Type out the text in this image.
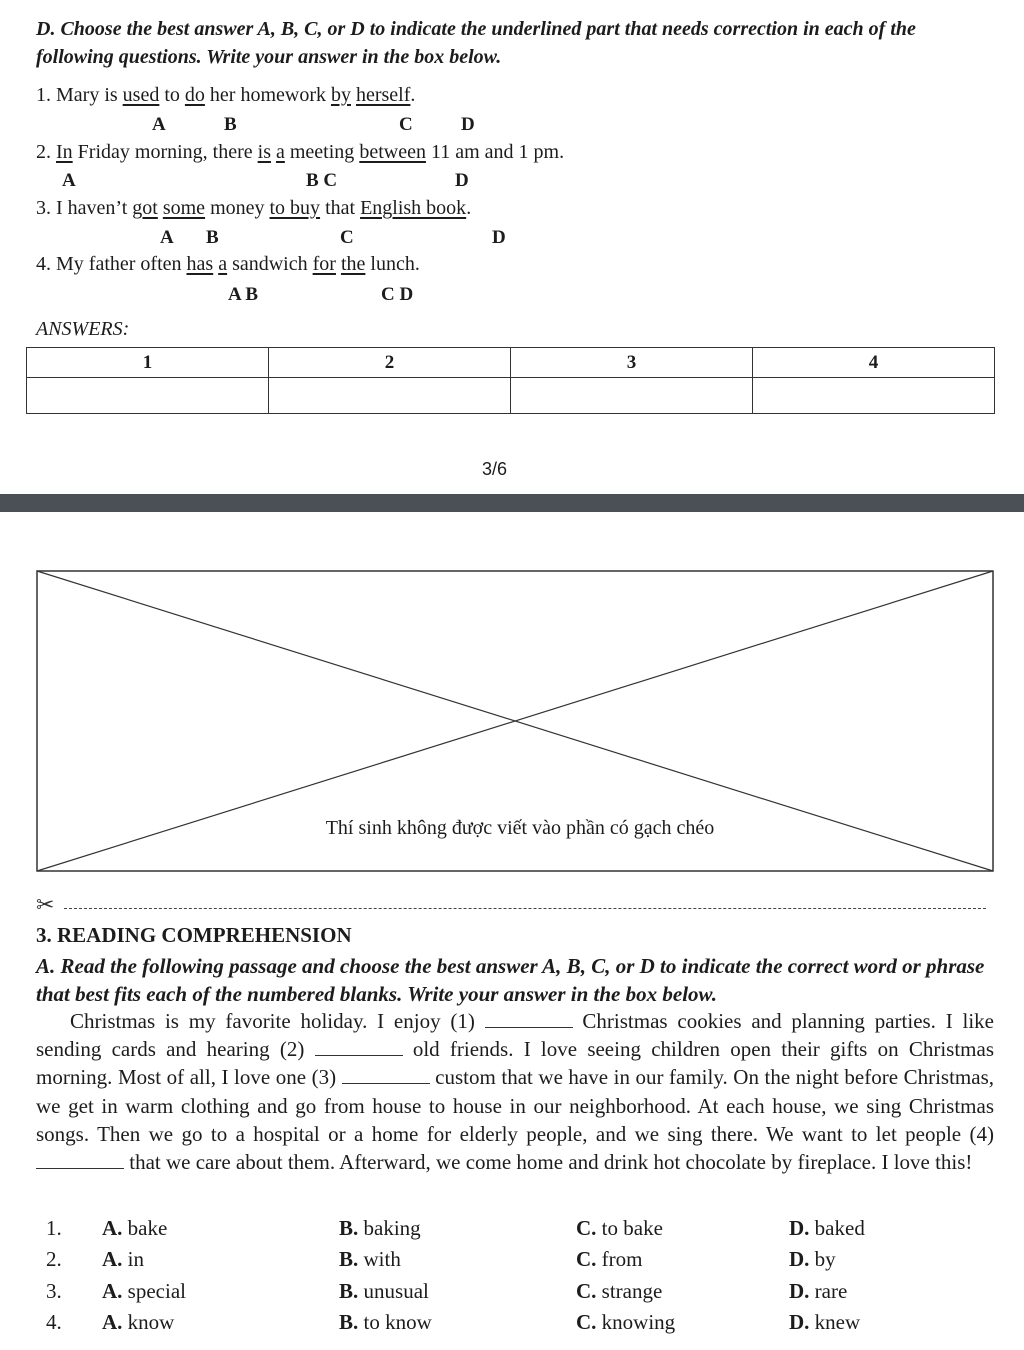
D. Choose the best answer A, B, C, or D to indicate the underlined part that needs correction in each of the following questions. Write your answer in the box below.
1. Mary is used to do her homework by herself.
A	B	C	D
2. In Friday morning, there is a meeting between 11 am and 1 pm.
A	B C	D
3. I haven’t got some money to buy that English book.
A B	C	D
4. My father often has a sandwich for the lunch.
A B	C D
ANSWERS:
1	2	3	4

3/6
Thí sinh không được viết vào phần có gạch chéo
✂
3. READING COMPREHENSION
A. Read the following passage and choose the best answer A, B, C, or D to indicate the correct word or phrase that best fits each of the numbered blanks. Write your answer in the box below.
Christmas is my favorite holiday. I enjoy (1)	Christmas cookies and planning parties. I like sending cards and hearing (2)	old friends. I love seeing children open their gifts on Christmas morning. Most of all, I love one (3)	custom that we have in our family. On the night before Christmas, we get in warm clothing and go from house to house in our neighborhood. At each house, we sing Christmas songs. Then we go to a hospital or a home for elderly people, and we sing there. We want to let people (4)  that we care about them. Afterward, we come home and drink hot chocolate by fireplace. I love this!
1. A. bake	B. baking	C. to bake	D. baked
2. A. in	B. with	C. from	D. by
3. A. special	B. unusual	C. strange	D. rare
4. A. know	B. to know	C. knowing	D. knew
